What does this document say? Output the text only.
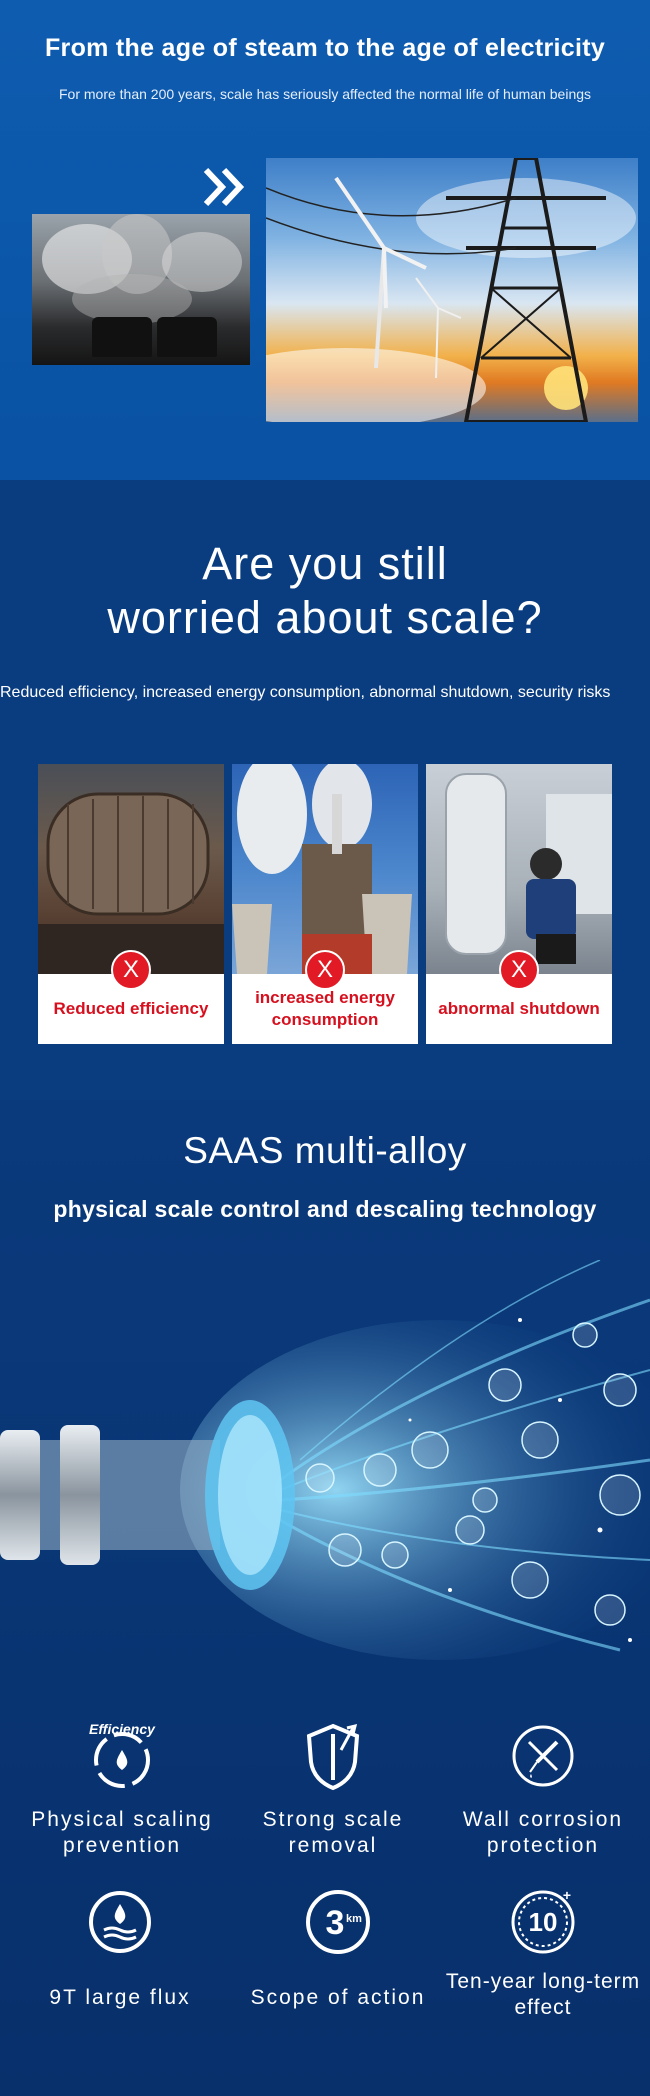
From the age of steam to the age of electricity
For more than 200 years, scale has seriously affected the normal life of human beings
Are you still
worried about scale?
Reduced efficiency, increased energy consumption, abnormal shutdown, security risks
X
Reduced efficiency
X
increased energy consumption
X
abnormal shutdown
SAAS multi-alloy
physical scale control and descaling technology
Efficiency
Physical scaling prevention
Strong scale removal
Wall corrosion protection
9T large flux
3 km
Scope of action
10
+
Ten-year long-term effect
